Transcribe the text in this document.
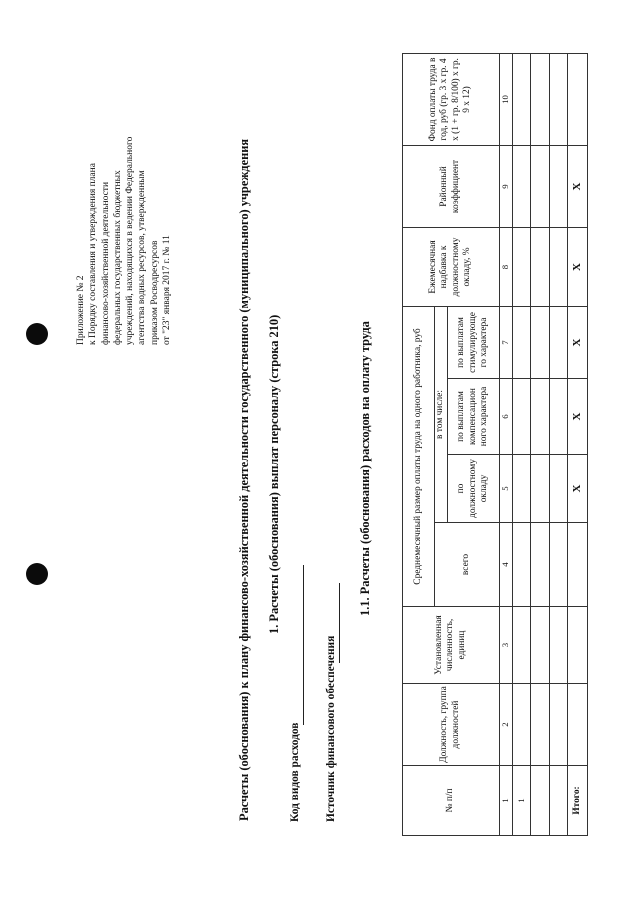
Приложение № 2 к Порядку составления и утверждения плана финансово-хозяйственной деятельности федеральных государственных бюджетных учреждений, находящихся в ведении Федерального агентства водных ресурсов, утвержденным приказом Росводресурсов от "23" января 2017 г. № 11	Расчеты (обоснования) к плану финансово-хозяйственной деятельности государственного (муниципального) учреждения 1. Расчеты (обоснования) выплат персоналу (строка 210)
Код видов расходов Источник финансового обеспечения
1.1. Расчеты (обоснования) расходов на оплату труда
№ п/п	Должность, группа должностей	Установленная численность, единиц	Среднемесячный размер оплаты труда на одного работника, руб				Ежемесячная надбавка к должностному окладу, %	Районный коэффициент	Фонд оплаты труда в год, руб (гр. 3 х гр. 4 х (1 + гр. 8/100) х гр. 9 х 12)
			всего	в том числе:					
				по должностному окладу	по выплатам компенсацион ного характера	по выплатам стимулирующе го характера			
1	2	3	4	5	6	7	8	9	10
1									

Итого:				X	X	X	X	X	
